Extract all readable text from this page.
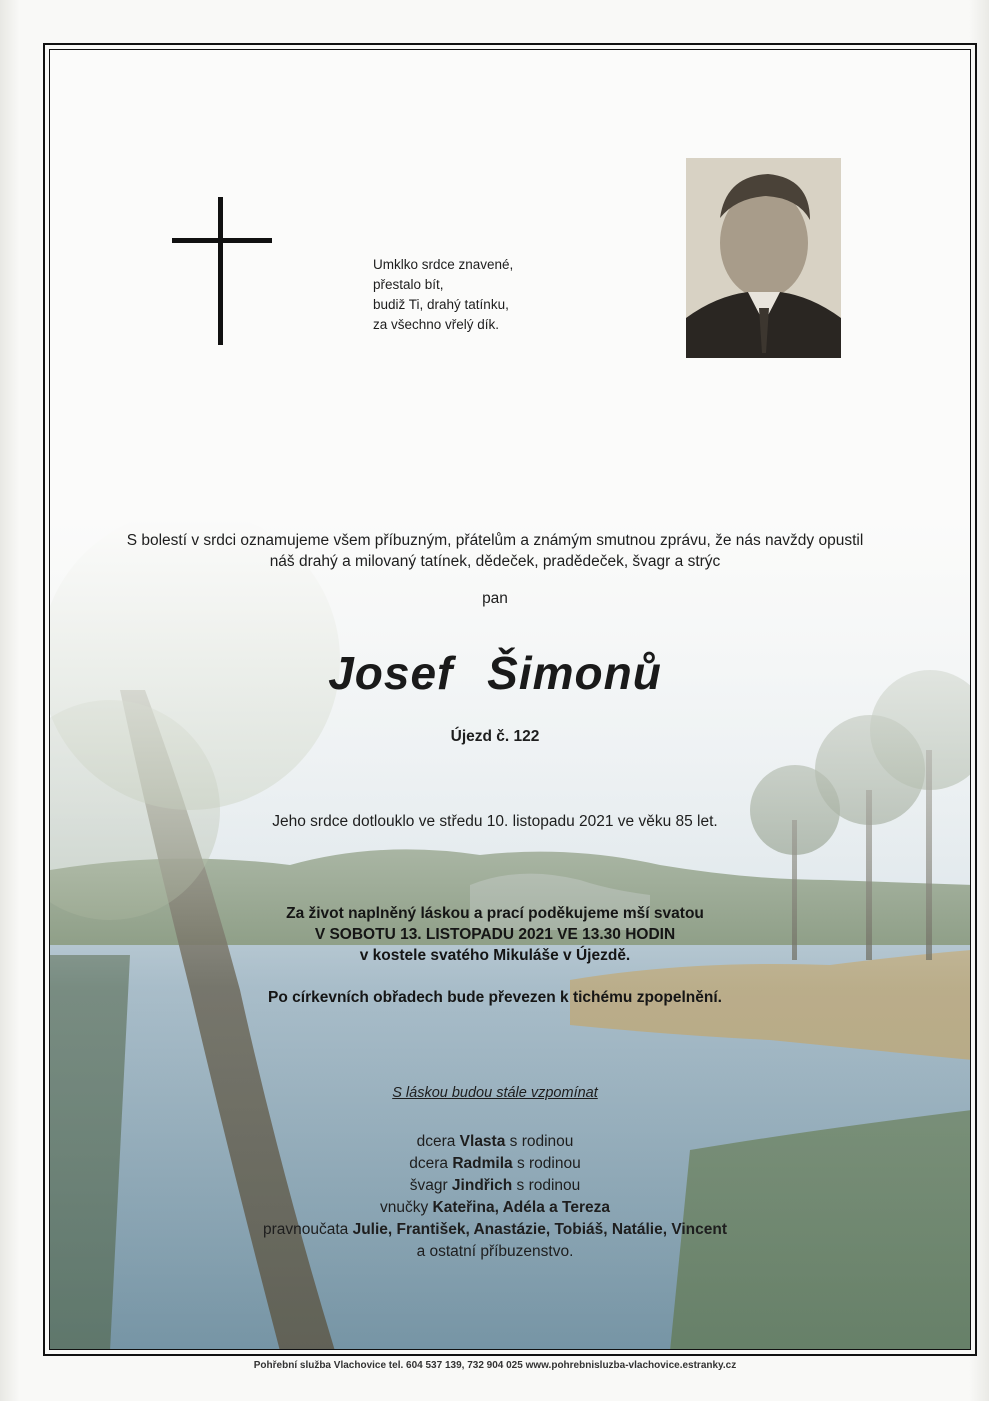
Umklko srdce znavené,
přestalo bít,
budiž Ti, drahý tatínku,
za všechno vřelý dík.
S bolestí v srdci oznamujeme všem příbuzným, přátelům a známým smutnou zprávu, že nás navždy opustil
náš drahý a milovaný tatínek, dědeček, pradědeček, švagr a strýc
pan
Josef Šimonů
Újezd č. 122
Jeho srdce dotlouklo ve středu 10. listopadu 2021 ve věku 85 let.
Za život naplněný láskou a prací poděkujeme mší svatou
V SOBOTU 13. LISTOPADU 2021 VE 13.30 HODIN
v kostele svatého Mikuláše v Újezdě.
Po církevních obřadech bude převezen k tichému zpopelnění.
S láskou budou stále vzpomínat
dcera Vlasta s rodinou
dcera Radmila s rodinou
švagr Jindřich s rodinou
vnučky Kateřina, Adéla a Tereza
pravnoučata Julie, František, Anastázie, Tobiáš, Natálie, Vincent
a ostatní příbuzenstvo.
Pohřební služba Vlachovice tel. 604 537 139, 732 904 025 www.pohrebnisluzba-vlachovice.estranky.cz
